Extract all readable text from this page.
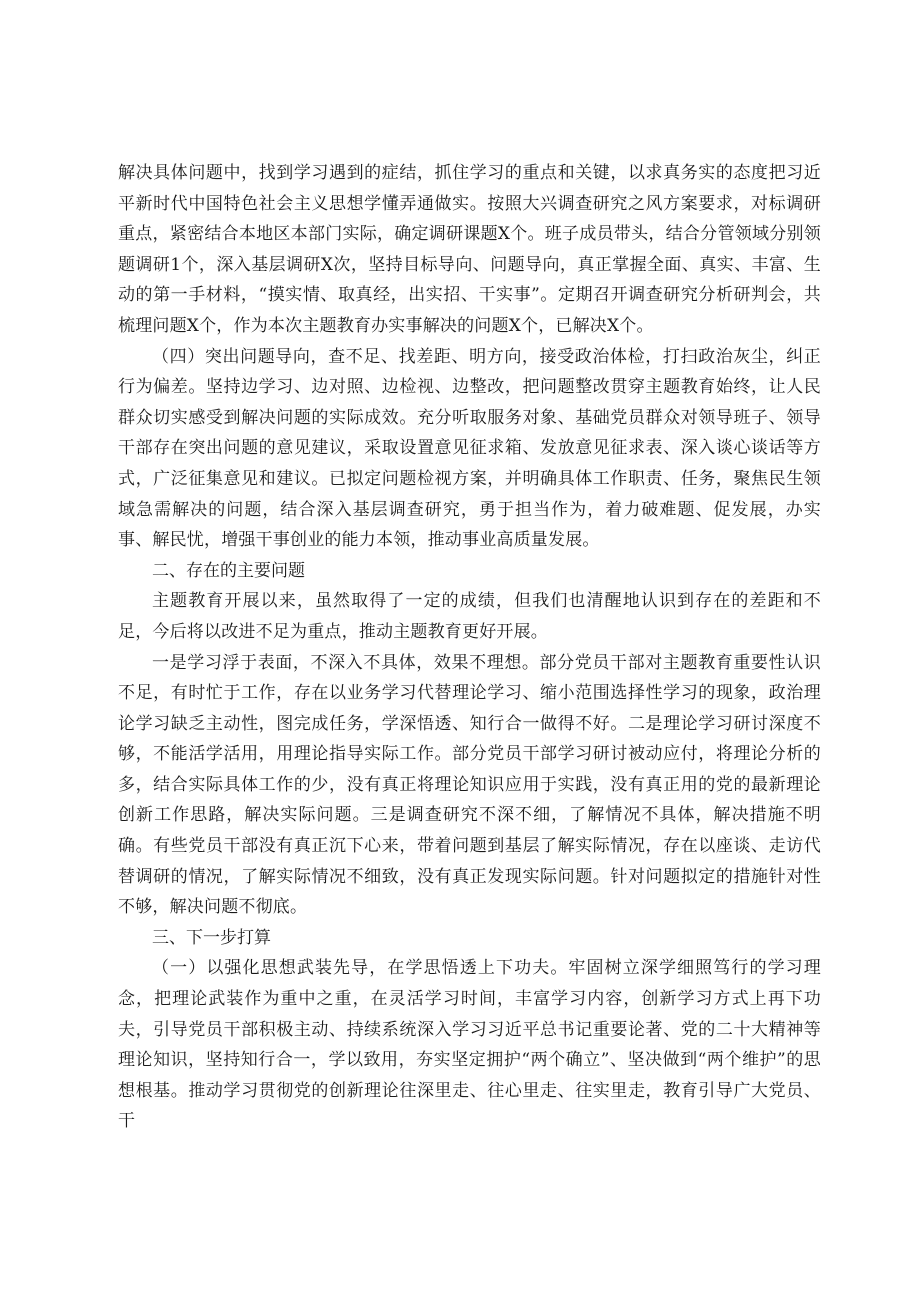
解决具体问题中，找到学习遇到的症结，抓住学习的重点和关键，以求真务实的态度把习近平新时代中国特色社会主义思想学懂弄通做实。按照大兴调查研究之风方案要求，对标调研重点，紧密结合本地区本部门实际，确定调研课题X个。班子成员带头，结合分管领域分别领题调研1个，深入基层调研X次，坚持目标导向、问题导向，真正掌握全面、真实、丰富、生动的第一手材料，“摸实情、取真经，出实招、干实事”。定期召开调查研究分析研判会，共梳理问题X个，作为本次主题教育办实事解决的问题X个，已解决X个。

（四）突出问题导向，查不足、找差距、明方向，接受政治体检，打扫政治灰尘，纠正行为偏差。坚持边学习、边对照、边检视、边整改，把问题整改贯穿主题教育始终，让人民群众切实感受到解决问题的实际成效。充分听取服务对象、基础党员群众对领导班子、领导干部存在突出问题的意见建议，采取设置意见征求箱、发放意见征求表、深入谈心谈话等方式，广泛征集意见和建议。已拟定问题检视方案，并明确具体工作职责、任务，聚焦民生领域急需解决的问题，结合深入基层调查研究，勇于担当作为，着力破难题、促发展，办实事、解民忧，增强干事创业的能力本领，推动事业高质量发展。

二、存在的主要问题

主题教育开展以来，虽然取得了一定的成绩，但我们也清醒地认识到存在的差距和不足，今后将以改进不足为重点，推动主题教育更好开展。

一是学习浮于表面，不深入不具体，效果不理想。部分党员干部对主题教育重要性认识不足，有时忙于工作，存在以业务学习代替理论学习、缩小范围选择性学习的现象，政治理论学习缺乏主动性，图完成任务，学深悟透、知行合一做得不好。二是理论学习研讨深度不够，不能活学活用，用理论指导实际工作。部分党员干部学习研讨被动应付，将理论分析的多，结合实际具体工作的少，没有真正将理论知识应用于实践，没有真正用的党的最新理论创新工作思路，解决实际问题。三是调查研究不深不细，了解情况不具体，解决措施不明确。有些党员干部没有真正沉下心来，带着问题到基层了解实际情况，存在以座谈、走访代替调研的情况，了解实际情况不细致，没有真正发现实际问题。针对问题拟定的措施针对性不够，解决问题不彻底。

三、下一步打算

（一）以强化思想武装先导，在学思悟透上下功夫。牢固树立深学细照笃行的学习理念，把理论武装作为重中之重，在灵活学习时间，丰富学习内容，创新学习方式上再下功夫，引导党员干部积极主动、持续系统深入学习习近平总书记重要论著、党的二十大精神等理论知识，坚持知行合一，学以致用，夯实坚定拥护“两个确立”、坚决做到“两个维护”的思想根基。推动学习贯彻党的创新理论往深里走、往心里走、往实里走，教育引导广大党员、干
